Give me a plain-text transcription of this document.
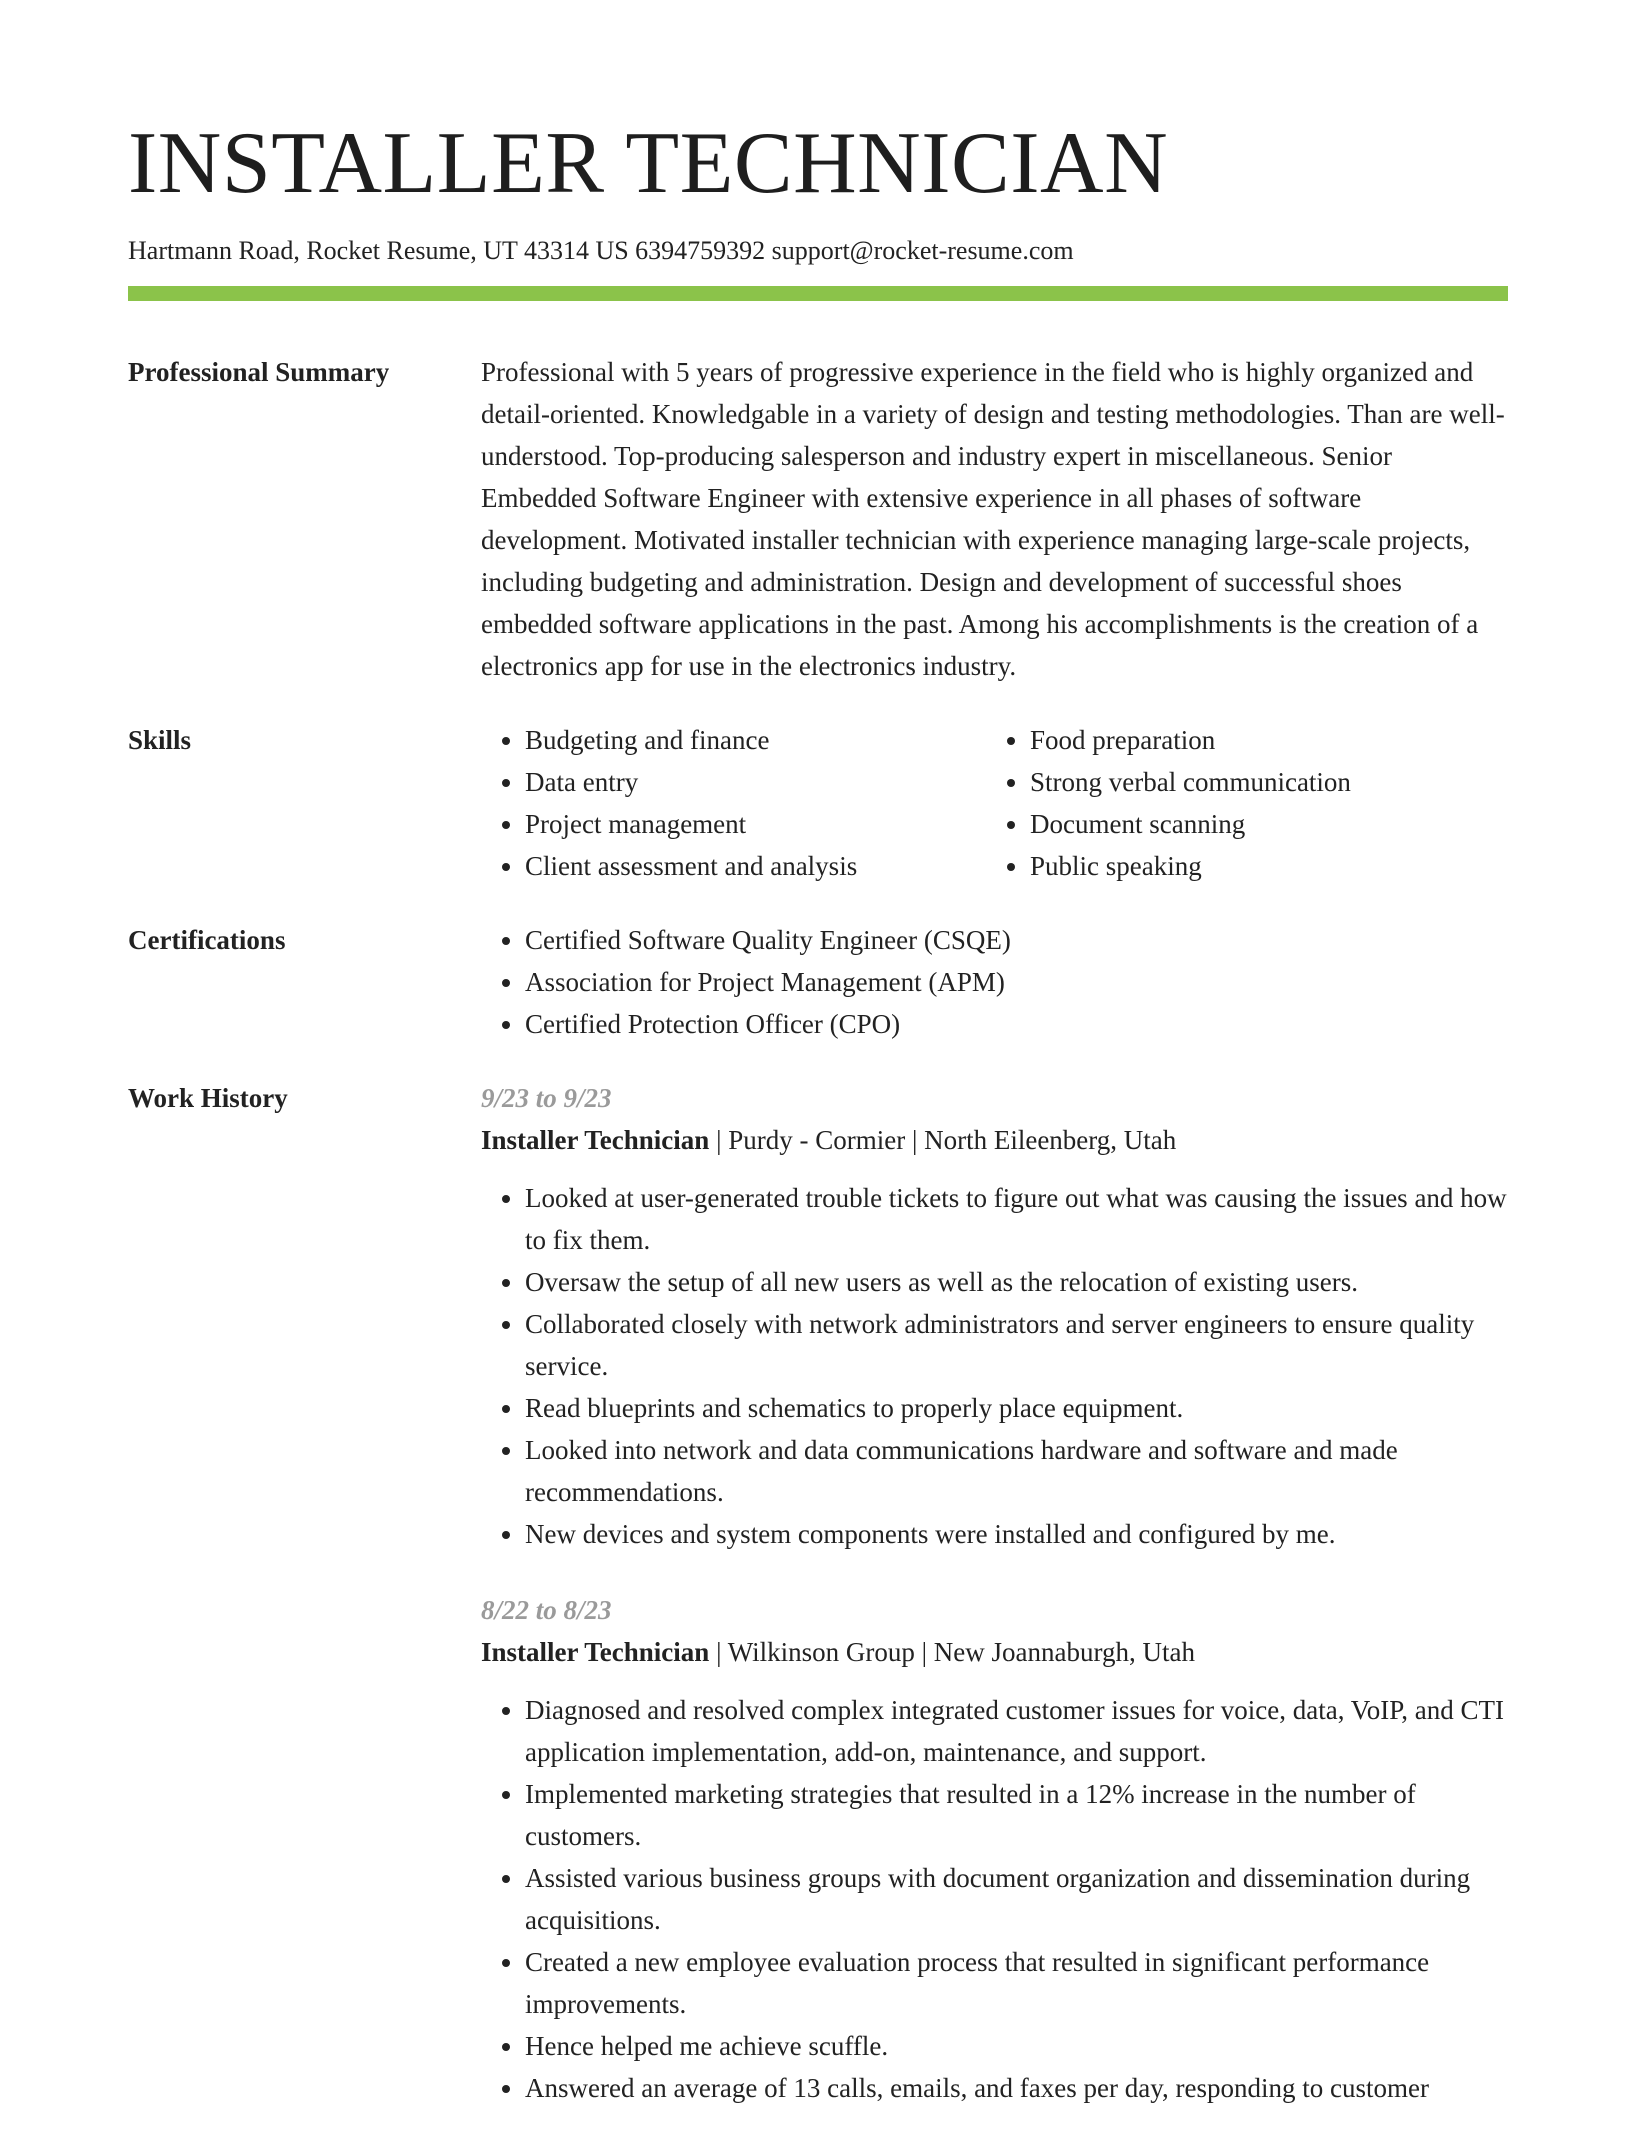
INSTALLER TECHNICIAN
Hartmann Road, Rocket Resume, UT 43314 US 6394759392 support@rocket-resume.com
Professional Summary	Professional with 5 years of progressive experience in the field who is highly organized and detail-oriented. Knowledgable in a variety of design and testing methodologies. Than are well-understood. Top-producing salesperson and industry expert in miscellaneous. Senior Embedded Software Engineer with extensive experience in all phases of software development. Motivated installer technician with experience managing large-scale projects, including budgeting and administration. Design and development of successful shoes embedded software applications in the past. Among his accomplishments is the creation of a electronics app for use in the electronics industry.
Skills	• Budgeting and finance
• Data entry
• Project management
• Client assessment and analysis
• Food preparation
• Strong verbal communication
• Document scanning
• Public speaking
Certifications	• Certified Software Quality Engineer (CSQE)
• Association for Project Management (APM)
• Certified Protection Officer (CPO)
Work History	9/23 to 9/23
Installer Technician | Purdy - Cormier | North Eileenberg, Utah
• Looked at user-generated trouble tickets to figure out what was causing the issues and how to fix them.
• Oversaw the setup of all new users as well as the relocation of existing users.
• Collaborated closely with network administrators and server engineers to ensure quality service.
• Read blueprints and schematics to properly place equipment.
• Looked into network and data communications hardware and software and made recommendations.
• New devices and system components were installed and configured by me.
8/22 to 8/23
Installer Technician | Wilkinson Group | New Joannaburgh, Utah
• Diagnosed and resolved complex integrated customer issues for voice, data, VoIP, and CTI application implementation, add-on, maintenance, and support.
• Implemented marketing strategies that resulted in a 12% increase in the number of customers.
• Assisted various business groups with document organization and dissemination during acquisitions.
• Created a new employee evaluation process that resulted in significant performance improvements.
• Hence helped me achieve scuffle.
• Answered an average of 13 calls, emails, and faxes per day, responding to customer
